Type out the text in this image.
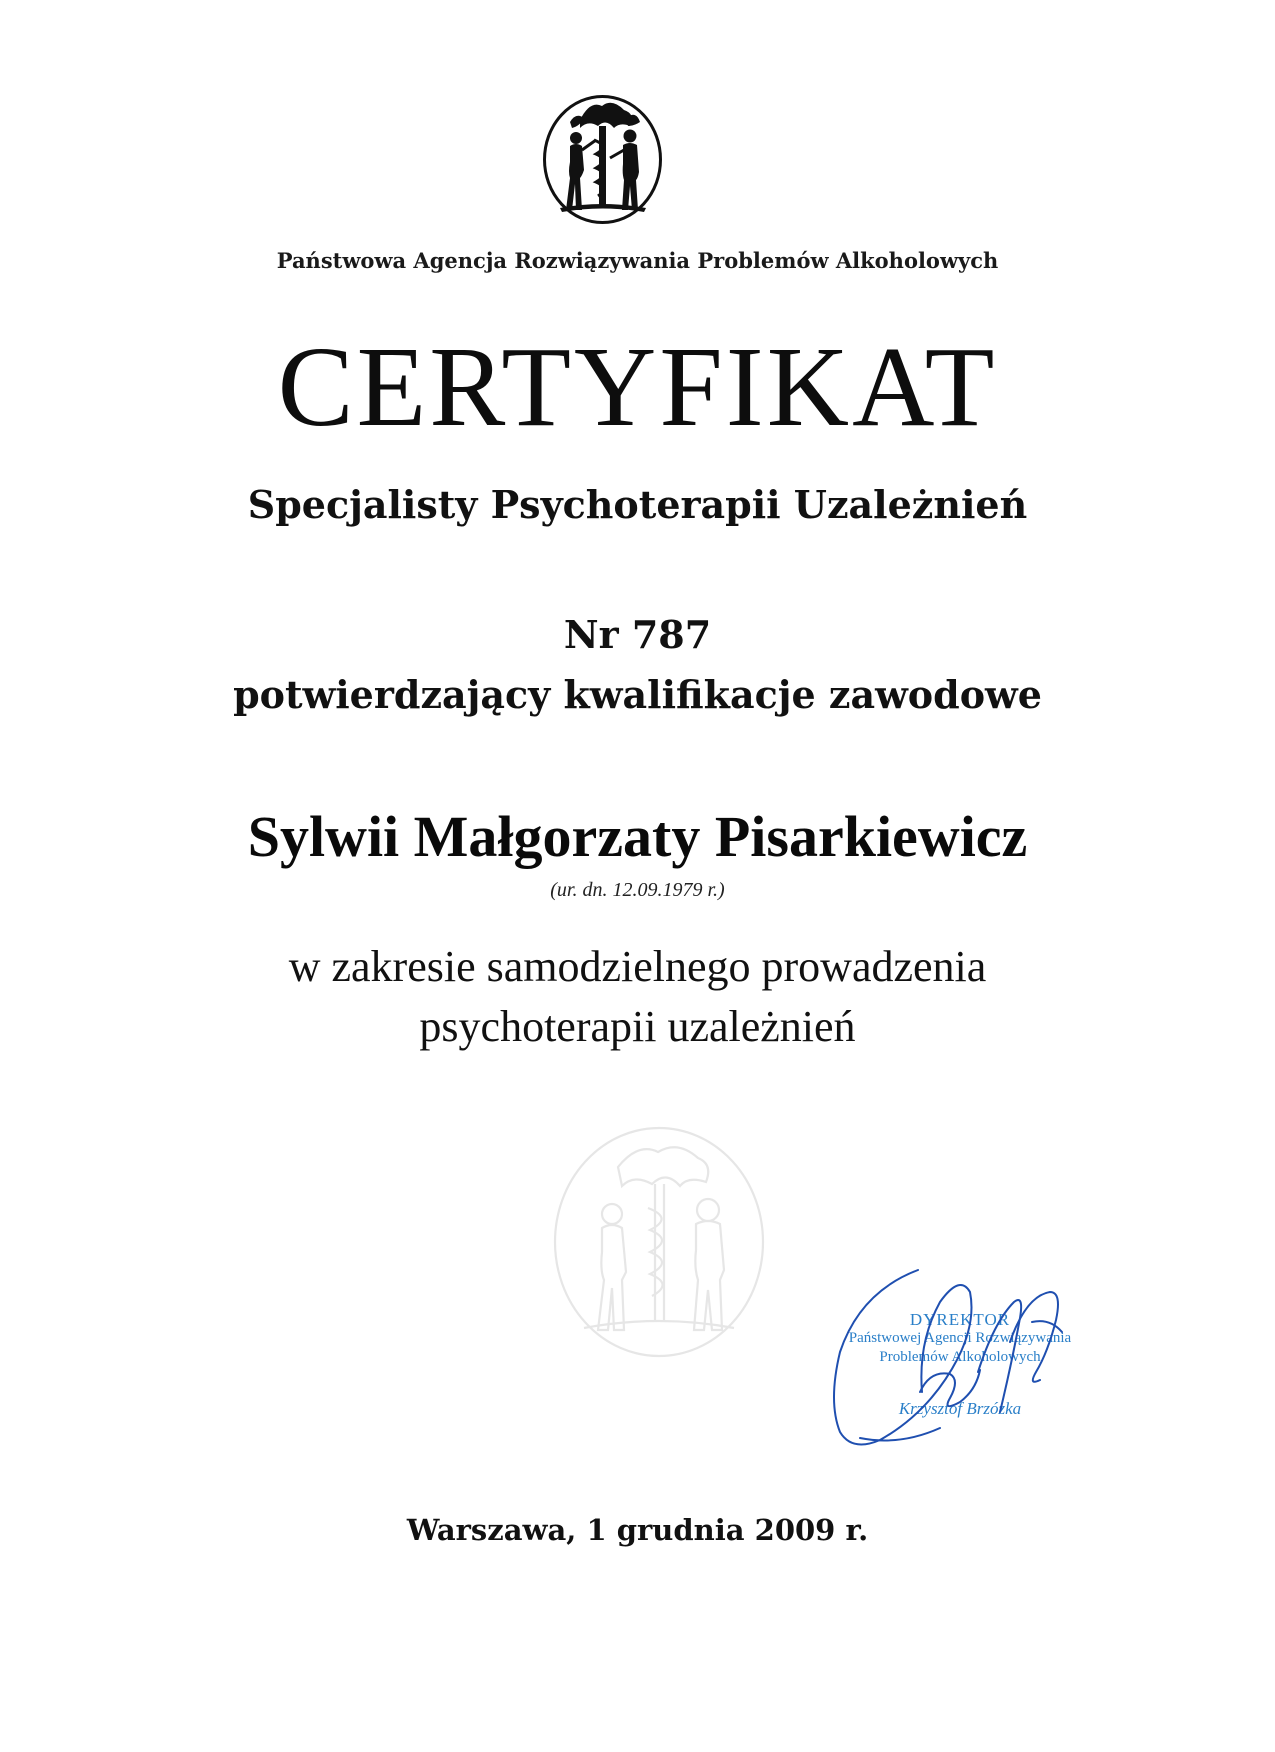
Państwowa Agencja Rozwiązywania Problemów Alkoholowych
CERTYFIKAT
Specjalisty Psychoterapii Uzależnień
Nr 787
potwierdzający kwalifikacje zawodowe
Sylwii Małgorzaty Pisarkiewicz
(ur. dn. 12.09.1979 r.)
w zakresie samodzielnego prowadzenia
psychoterapii uzależnień
DYREKTOR
Państwowej Agencji Rozwiązywania
Problemów Alkoholowych
Krzysztof Brzózka
Warszawa, 1 grudnia 2009 r.
